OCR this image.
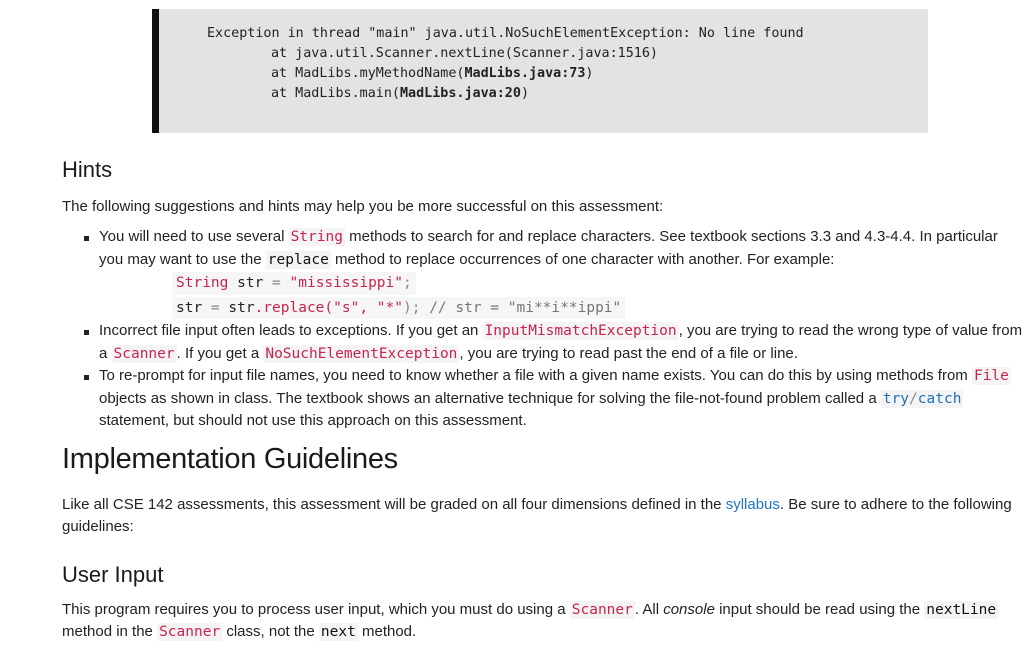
Exception in thread "main" java.util.NoSuchElementException: No line found
at java.util.Scanner.nextLine(Scanner.java:1516)
at MadLibs.myMethodName(MadLibs.java:73)
at MadLibs.main(MadLibs.java:20)
Hints

The following suggestions and hints may help you be more successful on this assessment:

You will need to use several String methods to search for and replace characters. See textbook sections 3.3 and 4.3-4.4. In particular you may want to use the replace method to replace occurrences of one character with another. For example:
String str = "mississippi";
str = str.replace("s", "*"); // str = "mi**i**ippi"
Incorrect file input often leads to exceptions. If you get an InputMismatchException , you are trying to read the wrong type of value from a Scanner . If you get a NoSuchElementException , you are trying to read past the end of a file or line.
To re-prompt for input file names, you need to know whether a file with a given name exists. You can do this by using methods from File objects as shown in class. The textbook shows an alternative technique for solving the file-not-found problem called a try/catch statement, but should not use this approach on this assessment.
Implementation Guidelines

Like all CSE 142 assessments, this assessment will be graded on all four dimensions defined in the syllabus. Be sure to adhere to the following guidelines:

User Input

This program requires you to process user input, which you must do using a Scanner . All console input should be read using the nextLine method in the Scanner class, not the next method.
